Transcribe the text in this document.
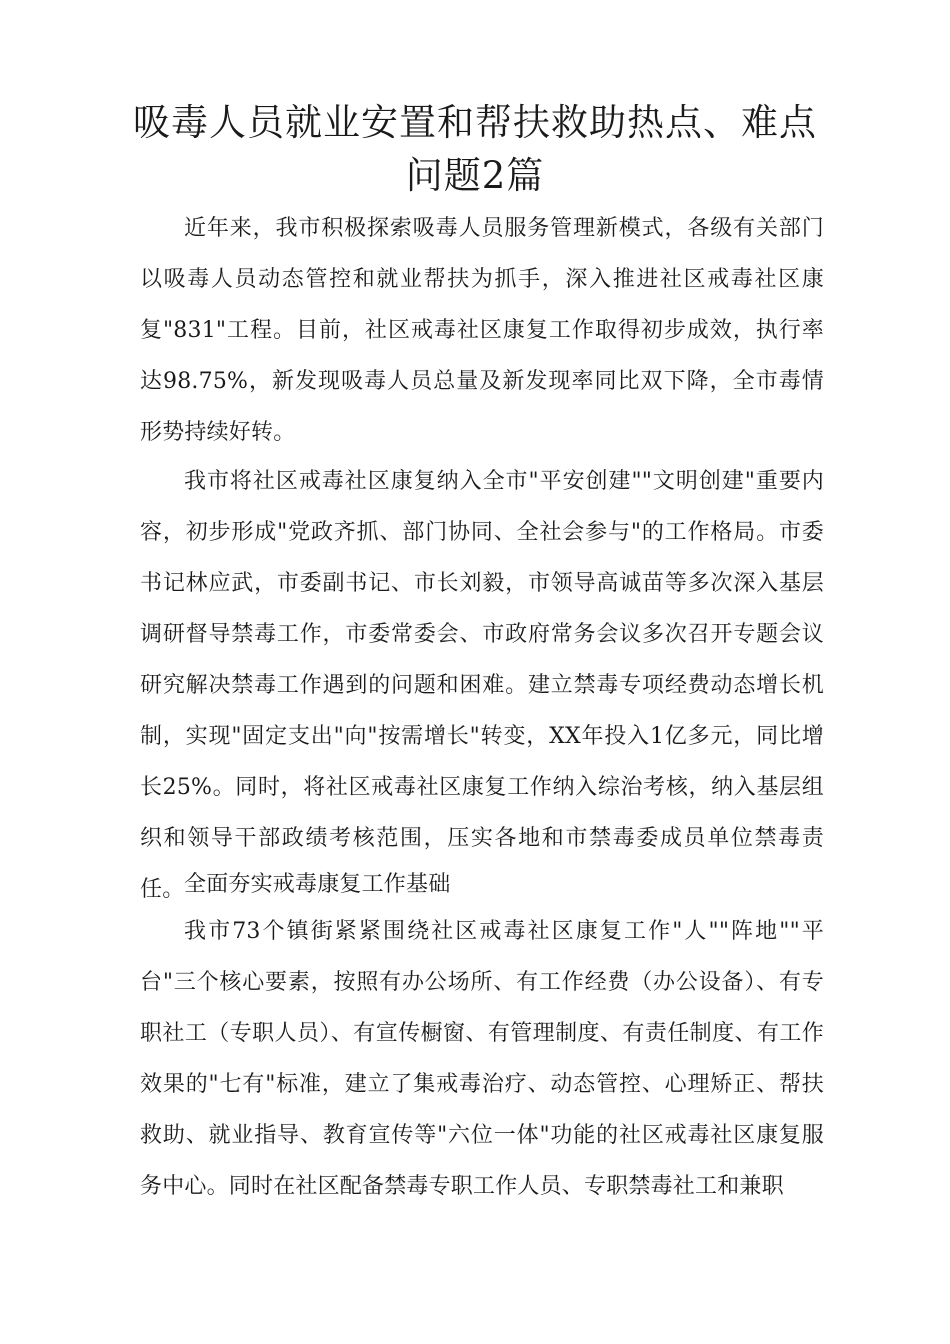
吸毒人员就业安置和帮扶救助热点、难点问题2篇

近年来，我市积极探索吸毒人员服务管理新模式，各级有关部门以吸毒人员动态管控和就业帮扶为抓手，深入推进社区戒毒社区康复"831"工程。目前，社区戒毒社区康复工作取得初步成效，执行率达98.75%，新发现吸毒人员总量及新发现率同比双下降，全市毒情形势持续好转。

我市将社区戒毒社区康复纳入全市"平安创建""文明创建"重要内容，初步形成"党政齐抓、部门协同、全社会参与"的工作格局。市委书记林应武，市委副书记、市长刘毅，市领导高诚苗等多次深入基层调研督导禁毒工作，市委常委会、市政府常务会议多次召开专题会议研究解决禁毒工作遇到的问题和困难。建立禁毒专项经费动态增长机制，实现"固定支出"向"按需增长"转变，XX年投入1亿多元，同比增长25%。同时，将社区戒毒社区康复工作纳入综治考核，纳入基层组织和领导干部政绩考核范围，压实各地和市禁毒委成员单位禁毒责任。 全面夯实戒毒康复工作基础

我市73个镇街紧紧围绕社区戒毒社区康复工作"人""阵地""平台"三个核心要素，按照有办公场所、有工作经费（办公设备）、有专职社工（专职人员）、有宣传橱窗、有管理制度、有责任制度、有工作效果的"七有"标准，建立了集戒毒治疗、动态管控、心理矫正、帮扶救助、就业指导、教育宣传等"六位一体"功能的社区戒毒社区康复服务中心。同时在社区配备禁毒专职工作人员、专职禁毒社工和兼职
